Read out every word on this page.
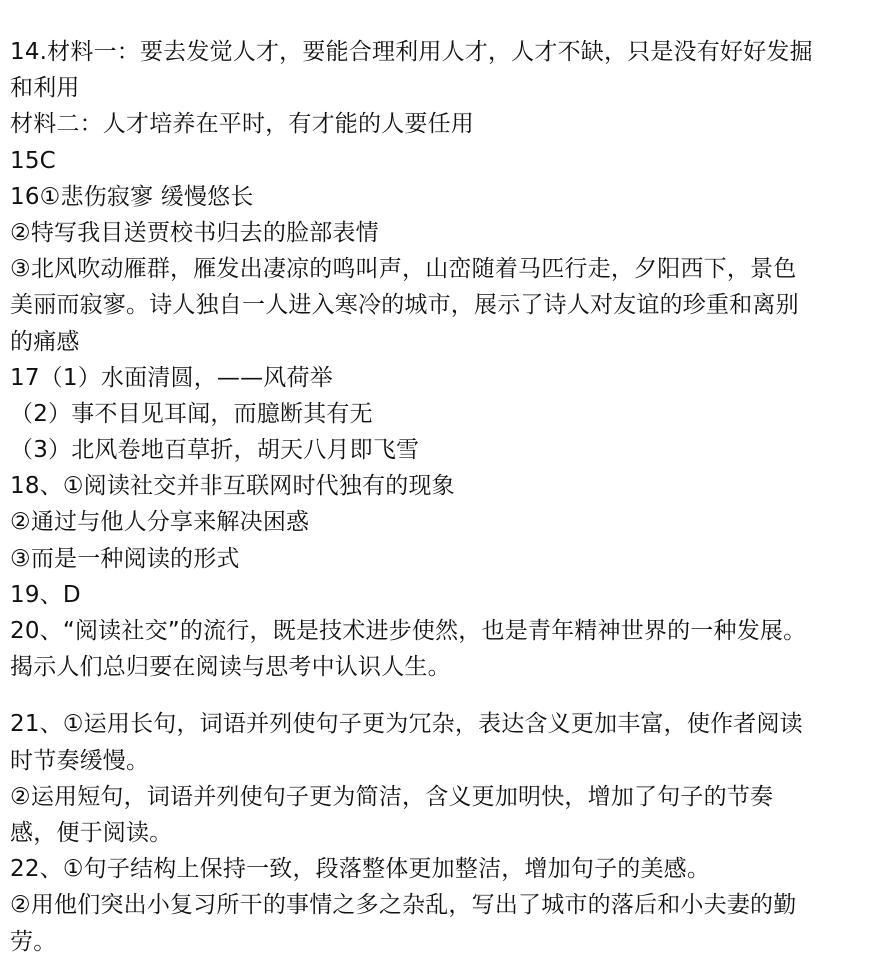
14.材料一：要去发觉人才，要能合理利用人才，人才不缺，只是没有好好发掘
和利用
材料二：人才培养在平时，有才能的人要任用
15C
16①悲伤寂寥 缓慢悠长
②特写我目送贾校书归去的脸部表情
③北风吹动雁群，雁发出凄凉的鸣叫声，山峦随着马匹行走，夕阳西下，景色
美丽而寂寥。诗人独自一人进入寒冷的城市，展示了诗人对友谊的珍重和离别
的痛感
17（1）水面清圆，——风荷举
（2）事不目见耳闻，而臆断其有无
（3）北风卷地百草折，胡天八月即飞雪
18、①阅读社交并非互联网时代独有的现象
②通过与他人分享来解决困惑
③而是一种阅读的形式
19、D
20、“阅读社交”的流行，既是技术进步使然，也是青年精神世界的一种发展。
揭示人们总归要在阅读与思考中认识人生。
21、①运用长句，词语并列使句子更为冗杂，表达含义更加丰富，使作者阅读
时节奏缓慢。
②运用短句，词语并列使句子更为简洁，含义更加明快，增加了句子的节奏
感，便于阅读。
22、①句子结构上保持一致，段落整体更加整洁，增加句子的美感。
②用他们突出小复习所干的事情之多之杂乱，写出了城市的落后和小夫妻的勤
劳。
